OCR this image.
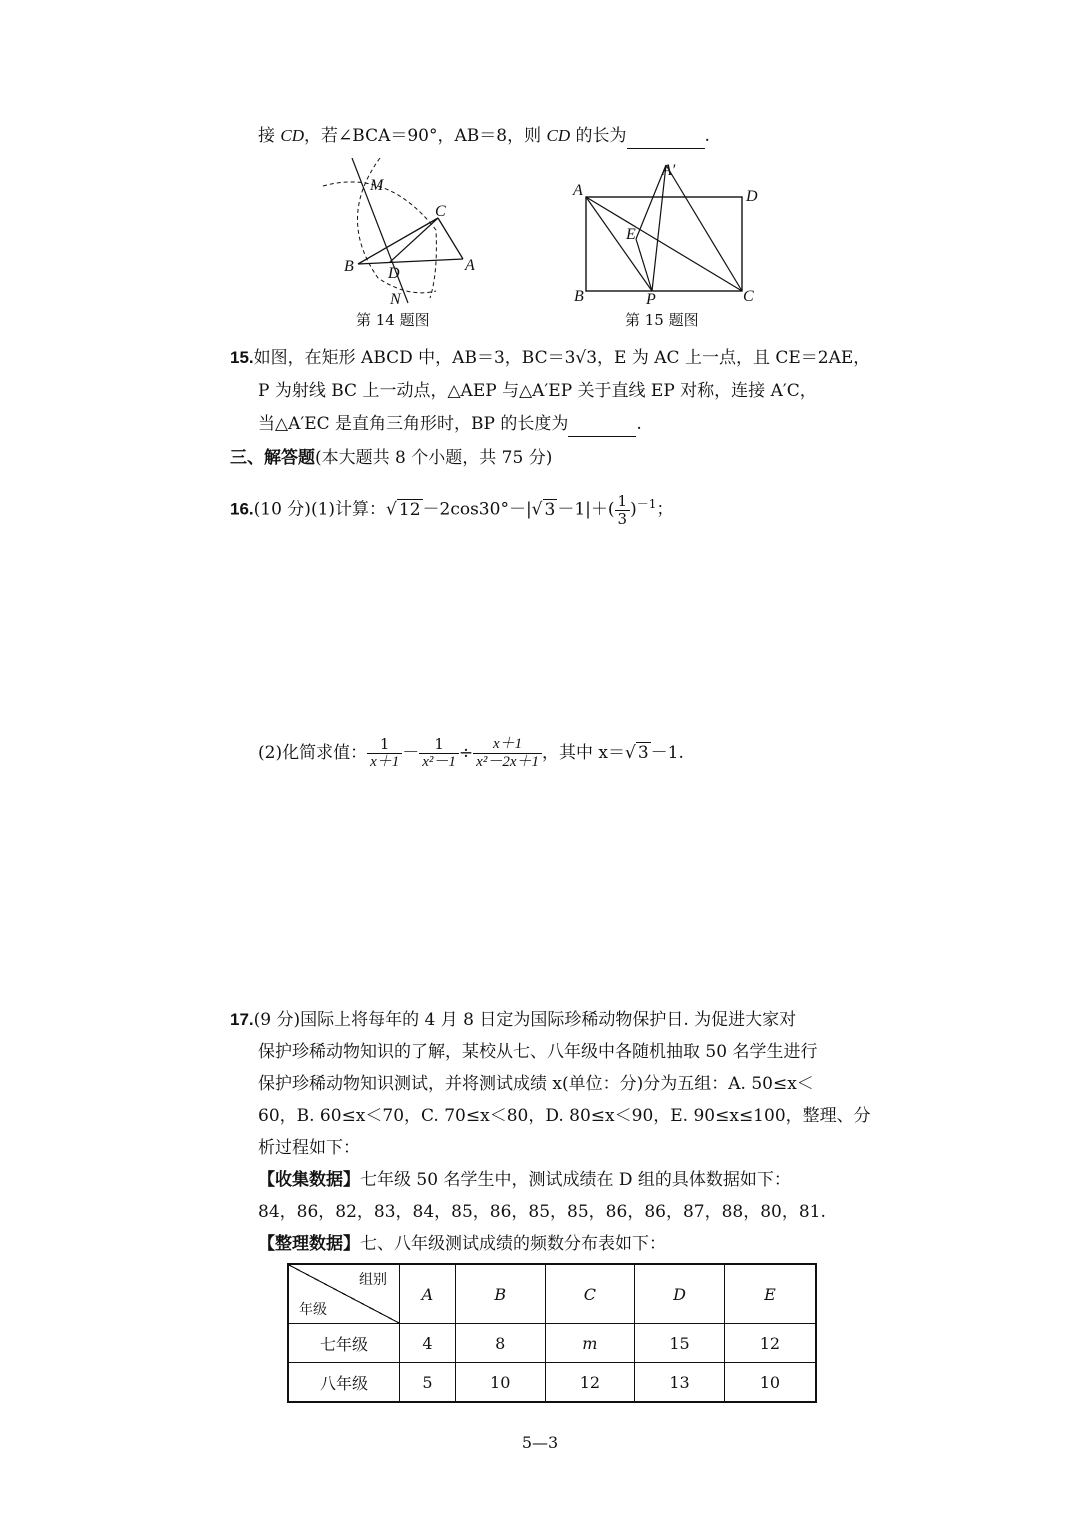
接 CD，若∠BCA＝90°，AB＝8，则 CD 的长为	.
M
C
B D	A
N
第 14 题图
A
A′
D
E
B	P	C
第 15 题图
15.如图，在矩形 ABCD 中，AB＝3，BC＝3√3，E 为 AC 上一点，且 CE＝2AE，
P 为射线 BC 上一动点，△AEP 与△A′EP 关于直线 EP 对称，连接 A′C，
当△A′EC 是直角三角形时，BP 的长度为	.
三、解答题(本大题共 8 个小题，共 75 分)
16.(10 分)(1)计算：√ 12 －2cos30°－|√ $3 -1|+( \frac{1}{3} )^{-1}$；
(2)化简求值： $\frac{1}{x+1} - \frac{1}{\text{x²－1}} \div \frac{x+1}{\text{x²－2x＋1}}$ ，其中 x＝√ 3 －1.
17.(9 分)国际上将每年的 4 月 8 日定为国际珍稀动物保护日. 为促进大家对
保护珍稀动物知识的了解，某校从七、八年级中各随机抽取 50 名学生进行
保护珍稀动物知识测试，并将测试成绩 x(单位：分)分为五组：A. 50≤x＜
60，B. 60≤x＜70，C. 70≤x＜80，D. 80≤x＜90，E. 90≤x≤100，整理、分
析过程如下：
【收集数据】七年级 50 名学生中，测试成绩在 D 组的具体数据如下：
84，86，82，83，84，85，86，85，85，86，86，87，88，80，81.
【整理数据】七、八年级测试成绩的频数分布表如下：
组别
年级	A	B	C	D	E
七年级	4	8	m	15	12
八年级	5	10	12	13	10
5—3
